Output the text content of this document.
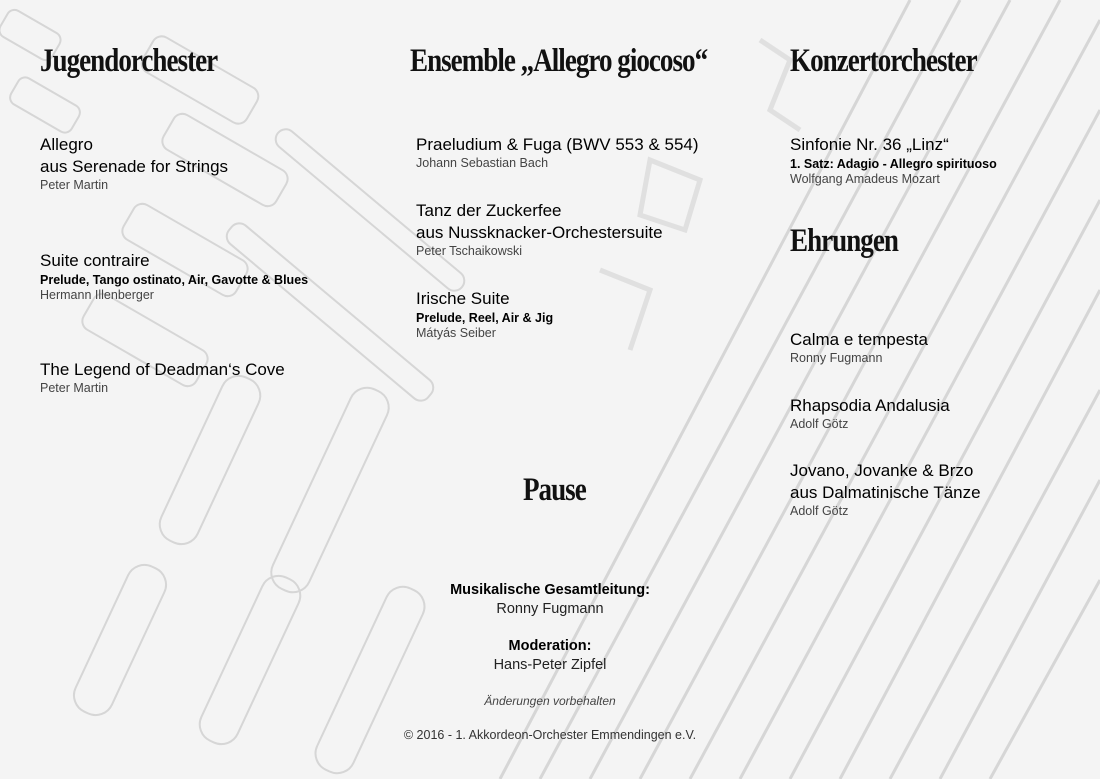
Jugendorchester
Allegro
aus Serenade for Strings
Peter Martin
Suite contraire
Prelude, Tango ostinato, Air, Gavotte & Blues
Hermann Illenberger
The Legend of Deadman‘s Cove
Peter Martin
Ensemble „Allegro giocoso“
Praeludium & Fuga (BWV 553 & 554)
Johann Sebastian Bach
Tanz der Zuckerfee
aus Nussknacker-Orchestersuite
Peter Tschaikowski
Irische Suite
Prelude, Reel, Air & Jig
Mátyás Seiber
Konzertorchester
Sinfonie Nr. 36 „Linz“
1. Satz: Adagio - Allegro spirituoso
Wolfgang Amadeus Mozart
Ehrungen
Calma e tempesta
Ronny Fugmann
Rhapsodia Andalusia
Adolf Götz
Jovano, Jovanke & Brzo
aus Dalmatinische Tänze
Adolf Götz
Pause
Musikalische Gesamtleitung:
Ronny Fugmann
Moderation:
Hans-Peter Zipfel
Änderungen vorbehalten
© 2016 - 1. Akkordeon-Orchester Emmendingen e.V.
